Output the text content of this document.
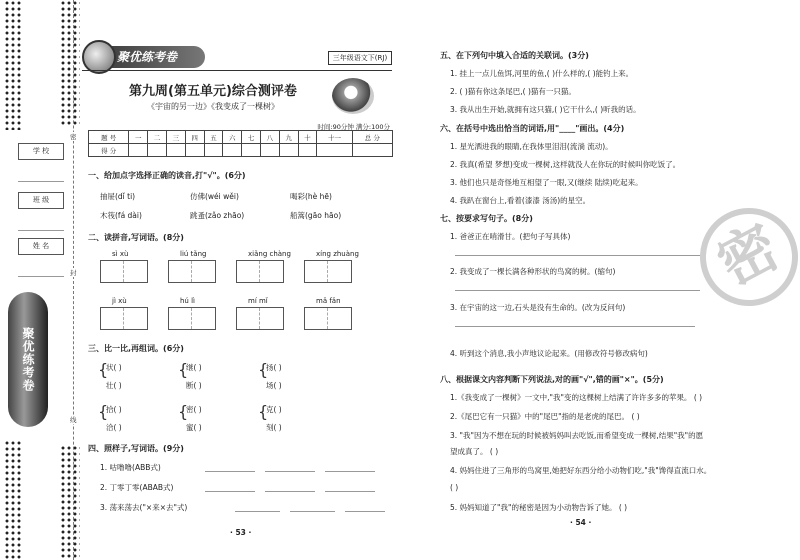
学 校
班 级
姓 名
密
封
线
聚优练考卷
聚优练考卷	三年级语文下(RJ)
第九周(第五单元)综合测评卷
《宇宙的另一边》《我变成了一棵树》
时间:90分钟 满分:100分
题 号	一	二	三	四	五	六	七	八	九	十	十一	总 分
得 分												
一、给加点字选择正确的读音,打"√"。(6分)
抽屉(dǐ ti)	仿佛(wéi wěi)	喝彩(hè hē)
木筏(fá dài)	跳蚤(zǎo zhāo)	船篙(gāo hāo)
二、读拼音,写词语。(8分)
sì xù	liú tǎng	xiǎng chàng	xíng zhuàng
jì xù	hú lì	mí mǐ	mǎ fǎn
三、比一比,再组词。(6分)
{
状( )
壮( )
{
继( )
断( )
{
扬( )
场( )
{
拾( )
洽( )
{
密( )
蜜( )
{
克( )
刻( )
四、照样子,写词语。(9分)
1. 咕噜噜(ABB式)
2. 丁零丁零(ABAB式)
3. 荡来荡去("×来×去"式)
· 53 ·
五、在下列句中填入合适的关联词。(3分)
1. 挂上一点儿鱼饵,河里的鱼,( )什么样的,( )能钓上来。
2. ( )猫有你这条尾巴,( )猫有一只猫。
3. 我从出生开始,就拥有这只猫,( )它干什么,( )听我的话。
六、在括号中选出恰当的词语,用"____"画出。(4分)
1. 星光洒进我的眼睛,在我体里泪泪(流淌 流动)。
2. 我真(希望 梦想)变成一棵树,这样就没人在你玩的时候叫你吃饭了。
3. 他们也只是奇怪地互相望了一眼,又(继续 陆续)吃起来。
4. 我趴在窗台上,看着(漆漆 汤汤)的星空。
七、按要求写句子。(8分)
1. 爸爸正在哨滑甘。(把句子写具体)
2. 我变成了一棵长满各种形状的鸟窝的树。(缩句)
3. 在宇宙的这一边,石头是没有生命的。(改为反问句)
4. 听到这个消息,我小声地议论起来。(用修改符号修改病句)
八、根据课文内容判断下列说法,对的画"√",错的画"×"。(5分)
1.《我变成了一棵树》一文中,"我"变的这棵树上结满了许许多多的苹果。 ( )
2.《尾巴它有一只猫》中的"尾巴"指的是老虎的尾巴。 ( )
3. "我"因为不想在玩的时候被妈妈叫去吃饭,而希望变成一棵树,结果"我"的愿
望成真了。 ( )
4. 妈妈住进了三角形的鸟窝里,她把好东西分给小动物们吃,"我"馋得直流口水。
( )
5. 妈妈知道了"我"的秘密是因为小动物告诉了她。 ( )
· 54 ·
密
